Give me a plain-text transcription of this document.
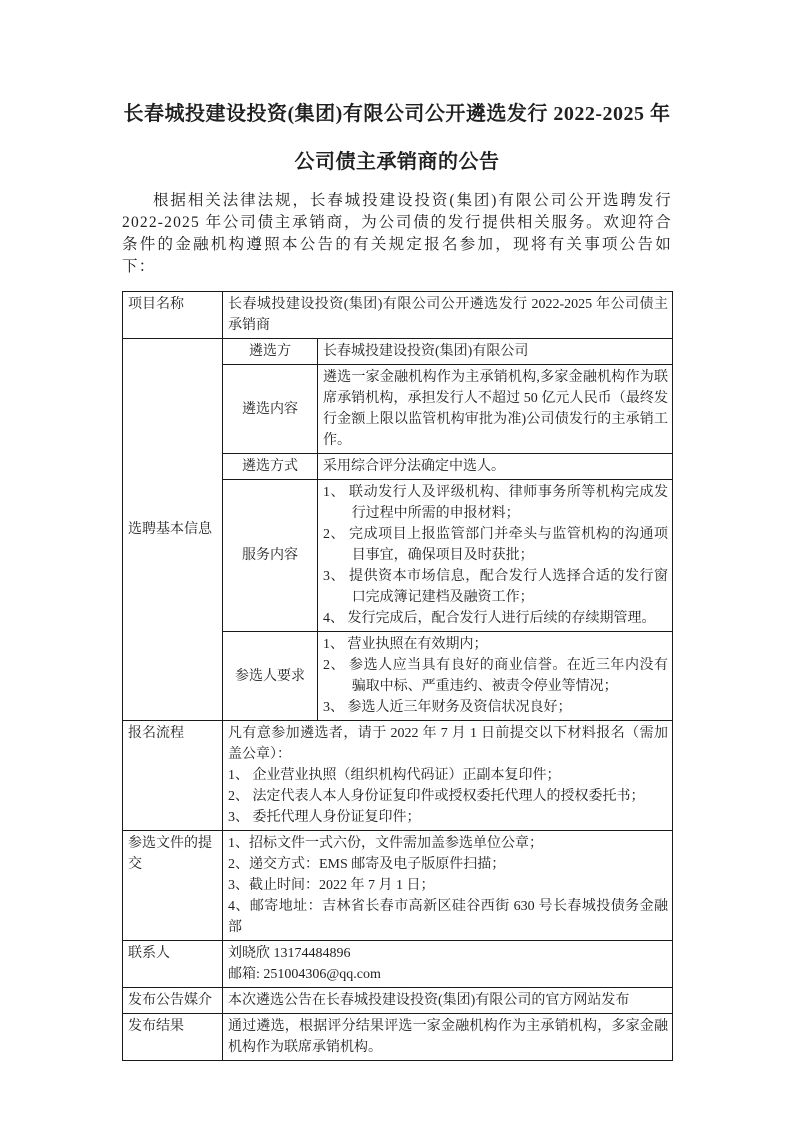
长春城投建设投资(集团)有限公司公开遴选发行 2022-2025 年
公司债主承销商的公告

根据相关法律法规，长春城投建设投资(集团)有限公司公开选聘发行 2022-2025 年公司债主承销商，为公司债的发行提供相关服务。欢迎符合条件的金融机构遵照本公告的有关规定报名参加，现将有关事项公告如下：

项目名称	长春城投建设投资(集团)有限公司公开遴选发行 2022-2025 年公司债主承销商	

选聘基本信息	遴选方	长春城投建设投资(集团)有限公司

	遴选内容	遴选一家金融机构作为主承销机构,多家金融机构作为联席承销机构，承担发行人不超过 50 亿元人民币（最终发行金额上限以监管机构审批为准)公司债发行的主承销工作。

	遴选方式	采用综合评分法确定中选人。

	服务内容	1、 联动发行人及评级机构、律师事务所等机构完成发行过程中所需的申报材料；
2、 完成项目上报监管部门并牵头与监管机构的沟通项目事宜，确保项目及时获批；
3、 提供资本市场信息，配合发行人选择合适的发行窗口完成簿记建档及融资工作；
4、 发行完成后，配合发行人进行后续的存续期管理。

	参选人要求	1、 营业执照在有效期内；
2、 参选人应当具有良好的商业信誉。在近三年内没有骗取中标、严重违约、被责令停业等情况；
3、 参选人近三年财务及资信状况良好；

报名流程	凡有意参加遴选者，请于 2022 年 7 月 1 日前提交以下材料报名（需加盖公章）：
1、 企业营业执照（组织机构代码证）正副本复印件；
2、 法定代表人本人身份证复印件或授权委托代理人的授权委托书；
3、 委托代理人身份证复印件；	

参选文件的提交	1、招标文件一式六份，文件需加盖参选单位公章；
2、递交方式：EMS 邮寄及电子版原件扫描；
3、截止时间：2022 年 7 月 1 日；
4、邮寄地址：吉林省长春市高新区硅谷西街 630 号长春城投债务金融部	

联系人	刘晓欣 13174484896
邮箱: 251004306@qq.com	

发布公告媒介	本次遴选公告在长春城投建设投资(集团)有限公司的官方网站发布	

发布结果	通过遴选，根据评分结果评选一家金融机构作为主承销机构，多家金融机构作为联席承销机构。	
